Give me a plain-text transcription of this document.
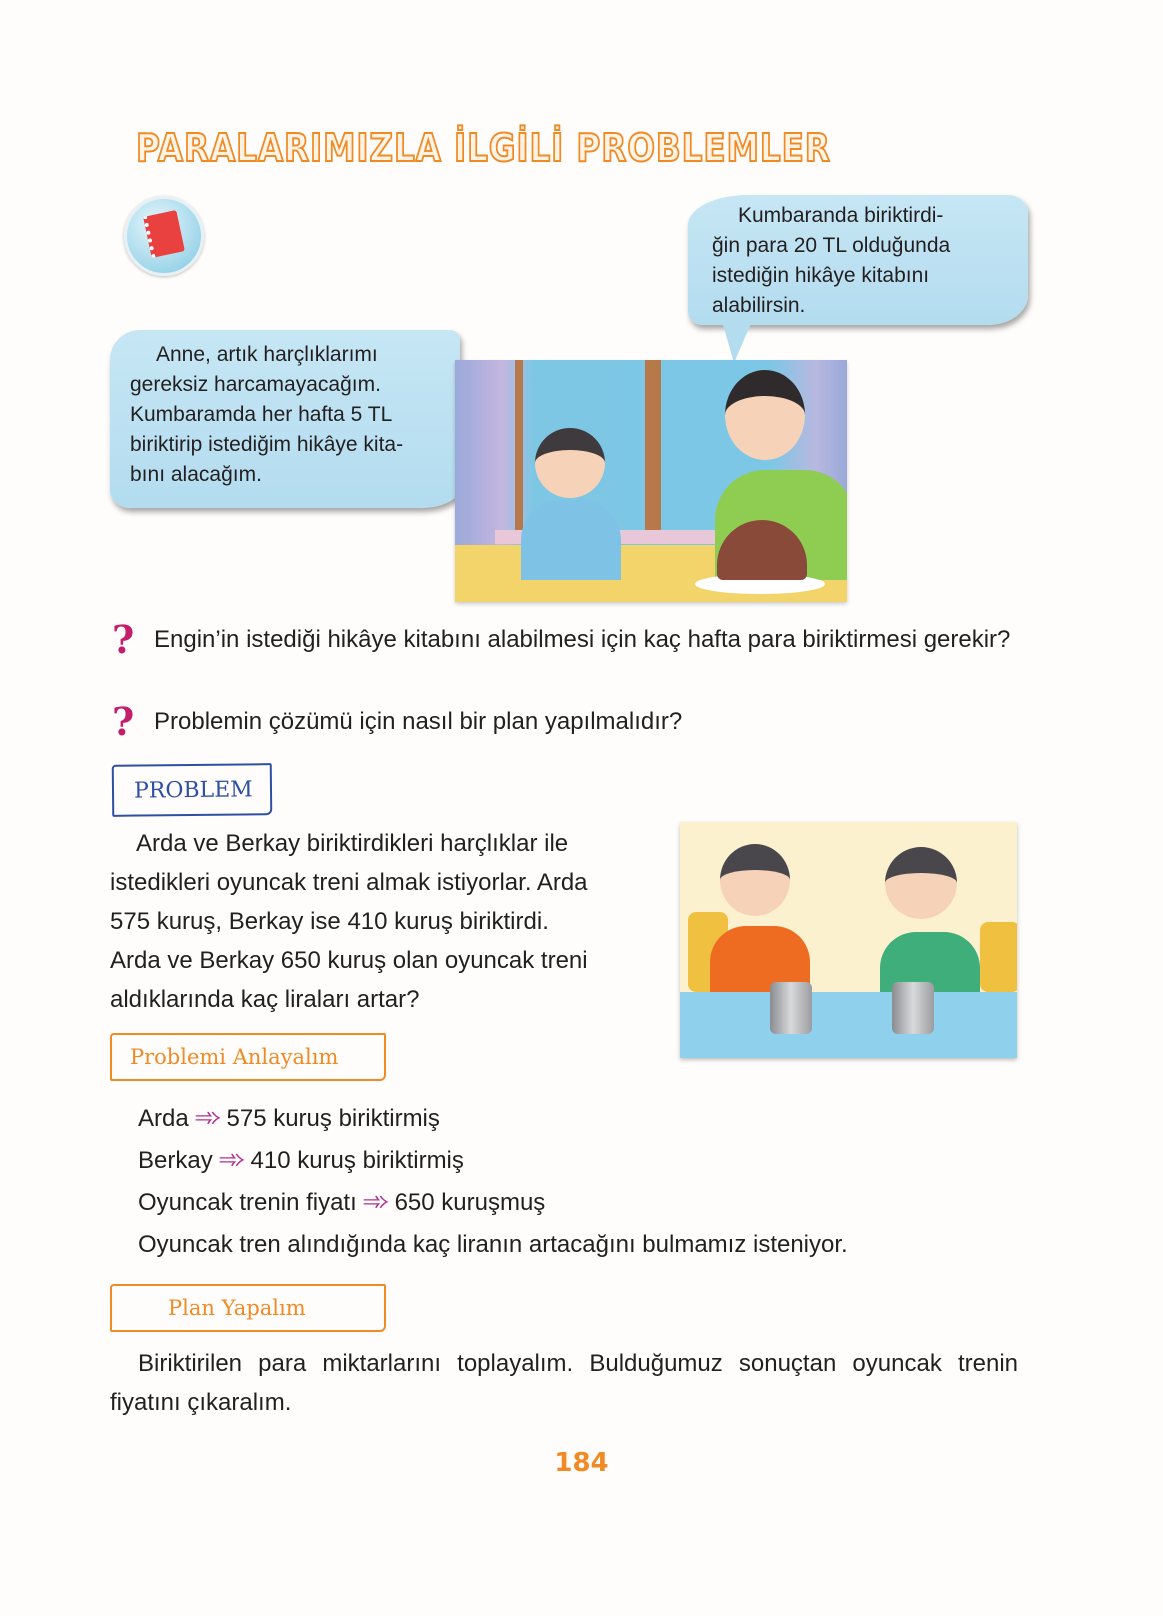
PARALARIMIZLA İLGİLİ PROBLEMLER

Kumbaranda biriktirdi-

ğin para 20 TL olduğunda

istediğin hikâye kitabını

alabilirsin.

Anne, artık harçlıklarımı

gereksiz harcamayacağım.

Kumbaramda her hafta 5 TL

biriktirip istediğim hikâye kita-

bını alacağım.

? Engin’in istediği hikâye kitabını alabilmesi için kaç hafta para biriktirmesi gerekir?
? Problemin çözümü için nasıl bir plan yapılmalıdır?
PROBLEM

Arda ve Berkay biriktirdikleri harçlıklar ile

istedikleri oyuncak treni almak istiyorlar. Arda

575 kuruş, Berkay ise 410 kuruş biriktirdi.

Arda ve Berkay 650 kuruş olan oyuncak treni

aldıklarında kaç liraları artar?

Problemi Anlayalım
Arda ➾ 575 kuruş biriktirmiş
Berkay ➾ 410 kuruş biriktirmiş
Oyuncak trenin fiyatı ➾ 650 kuruşmuş
Oyuncak tren alındığında kaç liranın artacağını bulmamız isteniyor.
Plan Yapalım
Biriktirilen para miktarlarını toplayalım. Bulduğumuz sonuçtan oyuncak trenin fiyatını çıkaralım.
184
